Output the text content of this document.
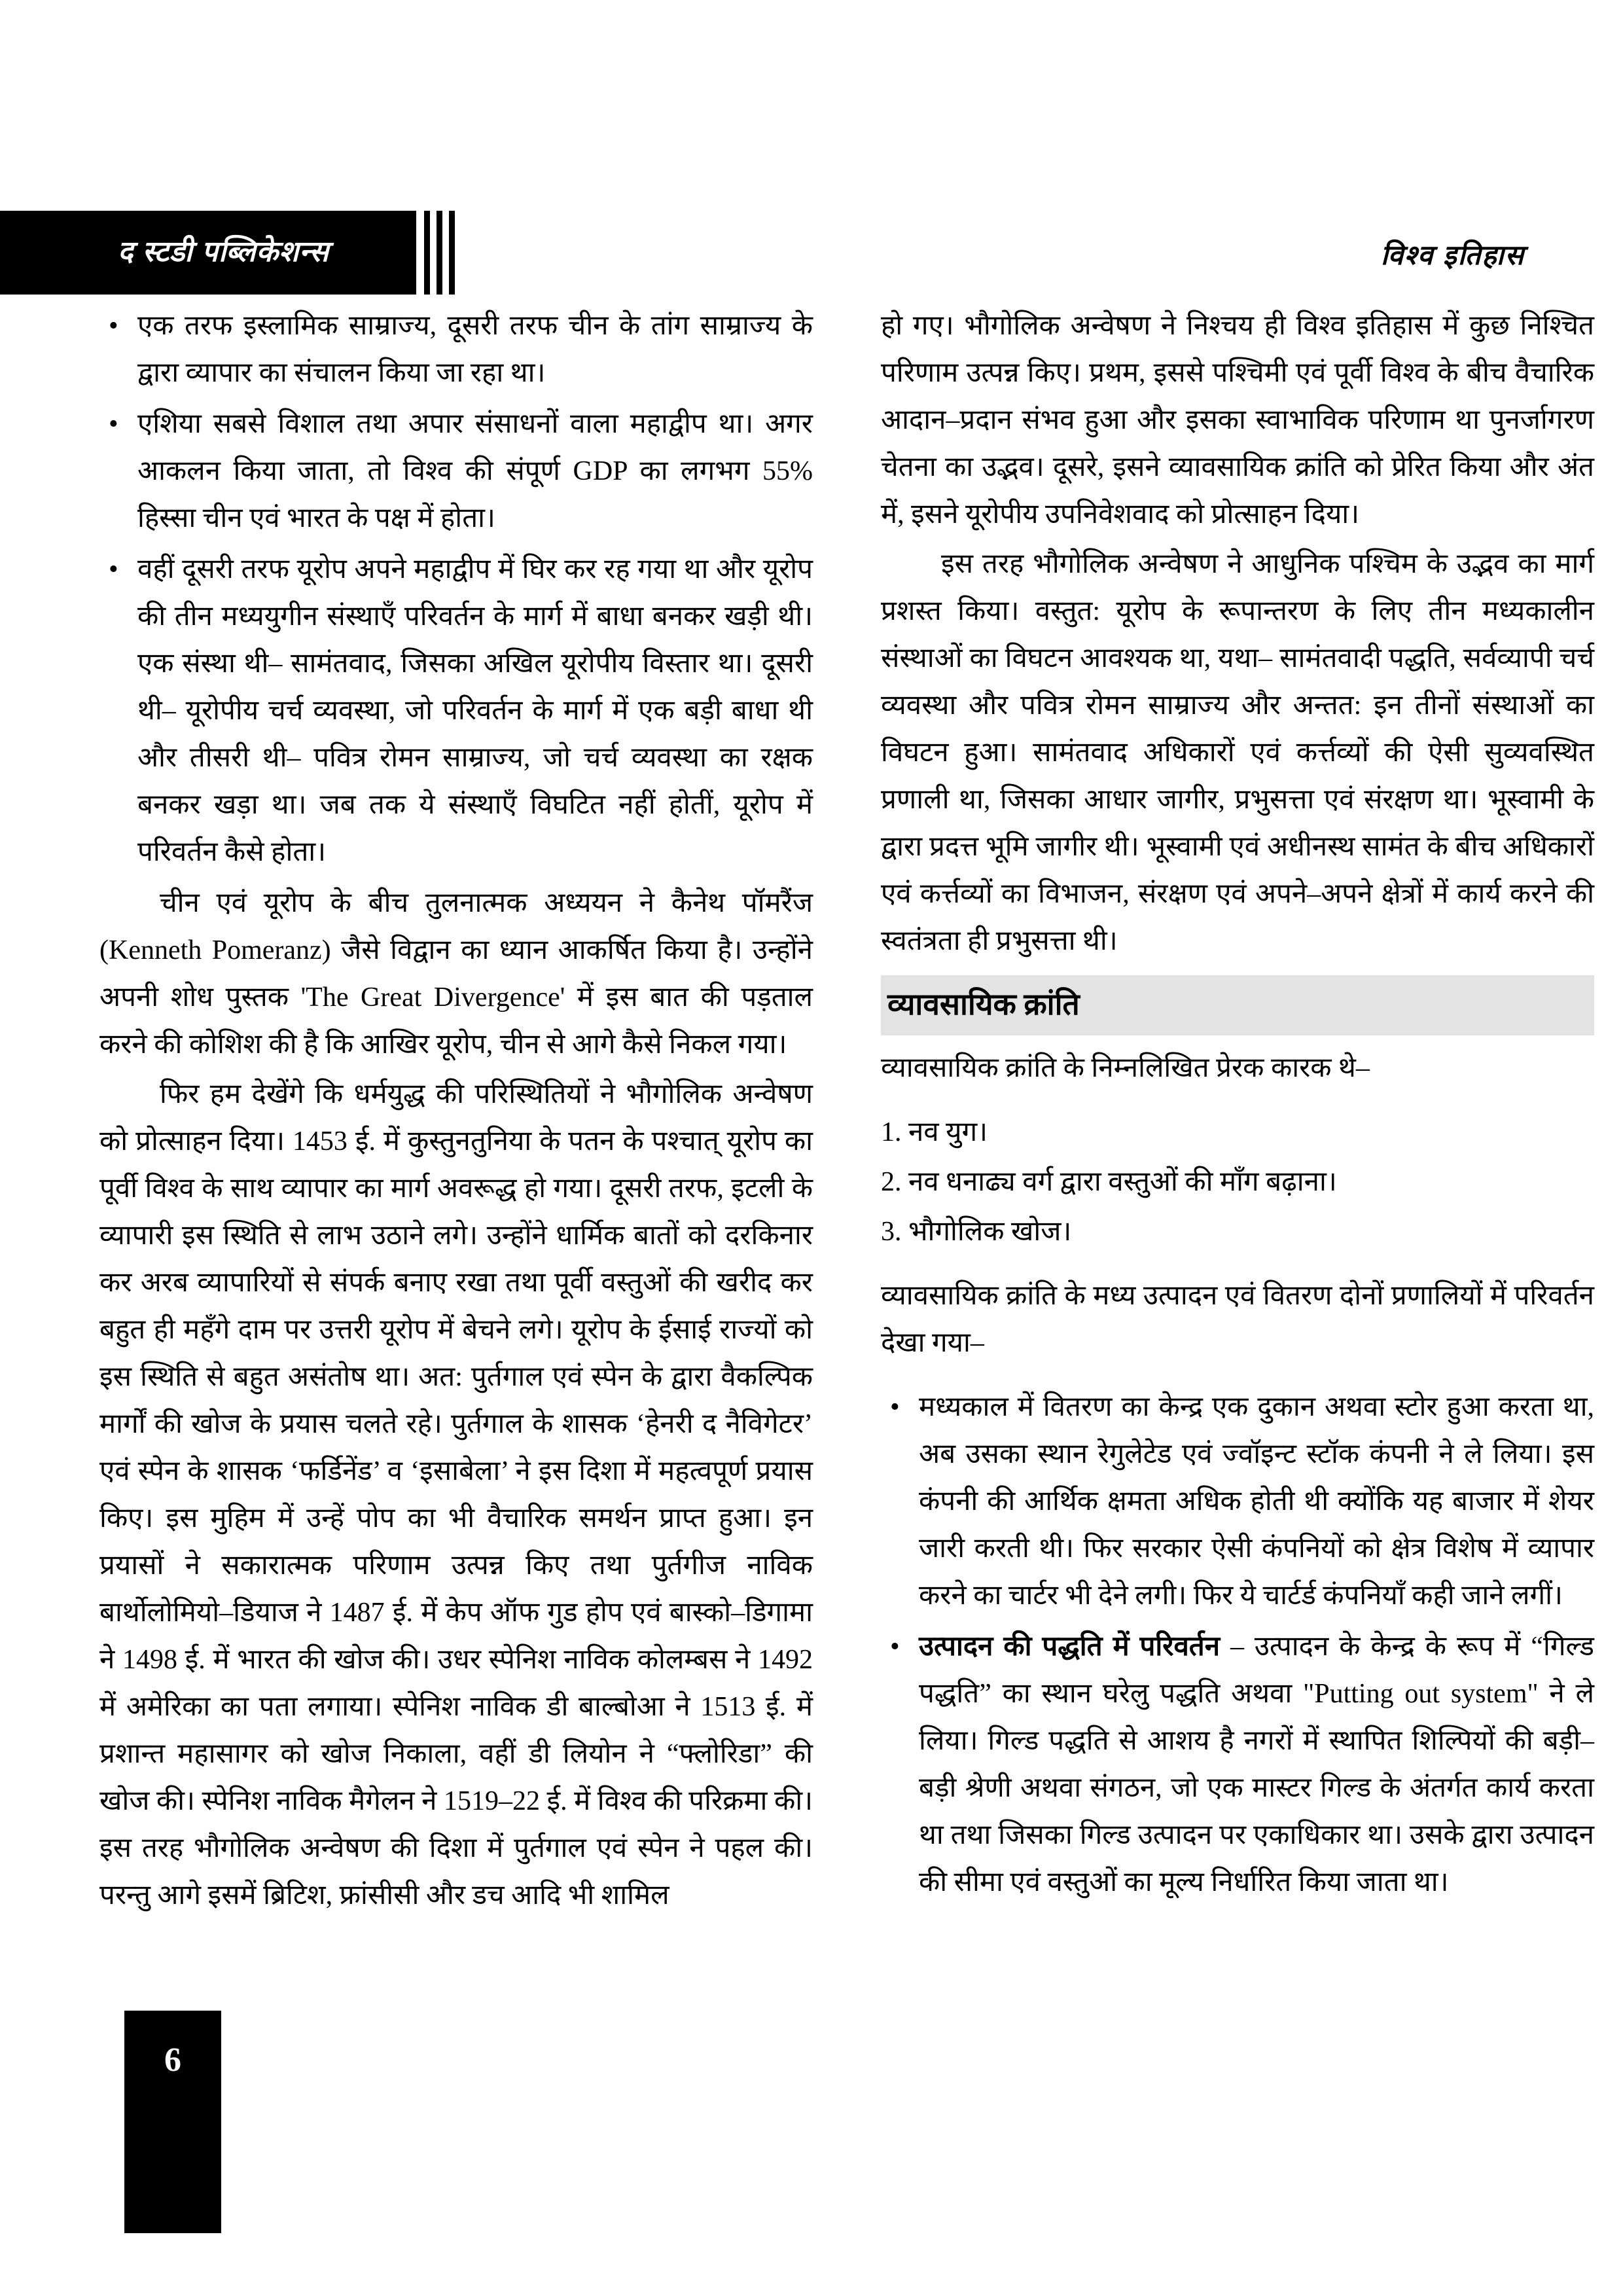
द स्टडी पब्लिकेशन्स	विश्व इतिहास
• एक तरफ इस्लामिक साम्राज्य, दूसरी तरफ चीन के तांग साम्राज्य के द्वारा व्यापार का संचालन किया जा रहा था।
• एशिया सबसे विशाल तथा अपार संसाधनों वाला महाद्वीप था। अगर आकलन किया जाता, तो विश्व की संपूर्ण GDP का लगभग 55% हिस्सा चीन एवं भारत के पक्ष में होता।
• वहीं दूसरी तरफ यूरोप अपने महाद्वीप में घिर कर रह गया था और यूरोप की तीन मध्ययुगीन संस्थाएँ परिवर्तन के मार्ग में बाधा बनकर खड़ी थी। एक संस्था थी– सामंतवाद, जिसका अखिल यूरोपीय विस्तार था। दूसरी थी– यूरोपीय चर्च व्यवस्था, जो परिवर्तन के मार्ग में एक बड़ी बाधा थी और तीसरी थी– पवित्र रोमन साम्राज्य, जो चर्च व्यवस्था का रक्षक बनकर खड़ा था। जब तक ये संस्थाएँ विघटित नहीं होतीं, यूरोप में परिवर्तन कैसे होता।

चीन एवं यूरोप के बीच तुलनात्मक अध्ययन ने कैनेथ पॉमरैंज (Kenneth Pomeranz) जैसे विद्वान का ध्यान आकर्षित किया है। उन्होंने अपनी शोध पुस्तक 'The Great Divergence' में इस बात की पड़ताल करने की कोशिश की है कि आखिर यूरोप, चीन से आगे कैसे निकल गया।

फिर हम देखेंगे कि धर्मयुद्ध की परिस्थितियों ने भौगोलिक अन्वेषण को प्रोत्साहन दिया। 1453 ई. में कुस्तुनतुनिया के पतन के पश्चात् यूरोप का पूर्वी विश्व के साथ व्यापार का मार्ग अवरूद्ध हो गया। दूसरी तरफ, इटली के व्यापारी इस स्थिति से लाभ उठाने लगे। उन्होंने धार्मिक बातों को दरकिनार कर अरब व्यापारियों से संपर्क बनाए रखा तथा पूर्वी वस्तुओं की खरीद कर बहुत ही महँगे दाम पर उत्तरी यूरोप में बेचने लगे। यूरोप के ईसाई राज्यों को इस स्थिति से बहुत असंतोष था। अत: पुर्तगाल एवं स्पेन के द्वारा वैकल्पिक मार्गों की खोज के प्रयास चलते रहे। पुर्तगाल के शासक ‘हेनरी द नैविगेटर’ एवं स्पेन के शासक ‘फर्डिनेंड’ व ‘इसाबेला’ ने इस दिशा में महत्वपूर्ण प्रयास किए। इस मुहिम में उन्हें पोप का भी वैचारिक समर्थन प्राप्त हुआ। इन प्रयासों ने सकारात्मक परिणाम उत्पन्न किए तथा पुर्तगीज नाविक बार्थोलोमियो–डियाज ने 1487 ई. में केप ऑफ गुड होप एवं बास्को–डिगामा ने 1498 ई. में भारत की खोज की। उधर स्पेनिश नाविक कोलम्बस ने 1492 में अमेरिका का पता लगाया। स्पेनिश नाविक डी बाल्बोआ ने 1513 ई. में प्रशान्त महासागर को खोज निकाला, वहीं डी लियोन ने “फ्लोरिडा” की खोज की। स्पेनिश नाविक मैगेलन ने 1519–22 ई. में विश्व की परिक्रमा की। इस तरह भौगोलिक अन्वेषण की दिशा में पुर्तगाल एवं स्पेन ने पहल की। परन्तु आगे इसमें ब्रिटिश, फ्रांसीसी और डच आदि भी शामिल

हो गए। भौगोलिक अन्वेषण ने निश्चय ही विश्व इतिहास में कुछ निश्चित परिणाम उत्पन्न किए। प्रथम, इससे पश्चिमी एवं पूर्वी विश्व के बीच वैचारिक आदान–प्रदान संभव हुआ और इसका स्वाभाविक परिणाम था पुनर्जागरण चेतना का उद्भव। दूसरे, इसने व्यावसायिक क्रांति को प्रेरित किया और अंत में, इसने यूरोपीय उपनिवेशवाद को प्रोत्साहन दिया।

इस तरह भौगोलिक अन्वेषण ने आधुनिक पश्चिम के उद्भव का मार्ग प्रशस्त किया। वस्तुत: यूरोप के रूपान्तरण के लिए तीन मध्यकालीन संस्थाओं का विघटन आवश्यक था, यथा– सामंतवादी पद्धति, सर्वव्यापी चर्च व्यवस्था और पवित्र रोमन साम्राज्य और अन्तत: इन तीनों संस्थाओं का विघटन हुआ। सामंतवाद अधिकारों एवं कर्त्तव्यों की ऐसी सुव्यवस्थित प्रणाली था, जिसका आधार जागीर, प्रभुसत्ता एवं संरक्षण था। भूस्वामी के द्वारा प्रदत्त भूमि जागीर थी। भूस्वामी एवं अधीनस्थ सामंत के बीच अधिकारों एवं कर्त्तव्यों का विभाजन, संरक्षण एवं अपने–अपने क्षेत्रों में कार्य करने की स्वतंत्रता ही प्रभुसत्ता थी।

व्यावसायिक क्रांति

व्यावसायिक क्रांति के निम्नलिखित प्रेरक कारक थे–

1. नव युग।
2. नव धनाढ्य वर्ग द्वारा वस्तुओं की माँग बढ़ाना।
3. भौगोलिक खोज।

व्यावसायिक क्रांति के मध्य उत्पादन एवं वितरण दोनों प्रणालियों में परिवर्तन देखा गया–

• मध्यकाल में वितरण का केन्द्र एक दुकान अथवा स्टोर हुआ करता था, अब उसका स्थान रेगुलेटेड एवं ज्वॉइन्ट स्टॉक कंपनी ने ले लिया। इस कंपनी की आर्थिक क्षमता अधिक होती थी क्योंकि यह बाजार में शेयर जारी करती थी। फिर सरकार ऐसी कंपनियों को क्षेत्र विशेष में व्यापार करने का चार्टर भी देने लगी। फिर ये चार्टर्ड कंपनियाँ कही जाने लगीं।
• उत्पादन की पद्धति में परिवर्तन – उत्पादन के केन्द्र के रूप में “गिल्ड पद्धति” का स्थान घरेलु पद्धति अथवा "Putting out system" ने ले लिया। गिल्ड पद्धति से आशय है नगरों में स्थापित शिल्पियों की बड़ी–बड़ी श्रेणी अथवा संगठन, जो एक मास्टर गिल्ड के अंतर्गत कार्य करता था तथा जिसका गिल्ड उत्पादन पर एकाधिकार था। उसके द्वारा उत्पादन की सीमा एवं वस्तुओं का मूल्य निर्धारित किया जाता था।
6
